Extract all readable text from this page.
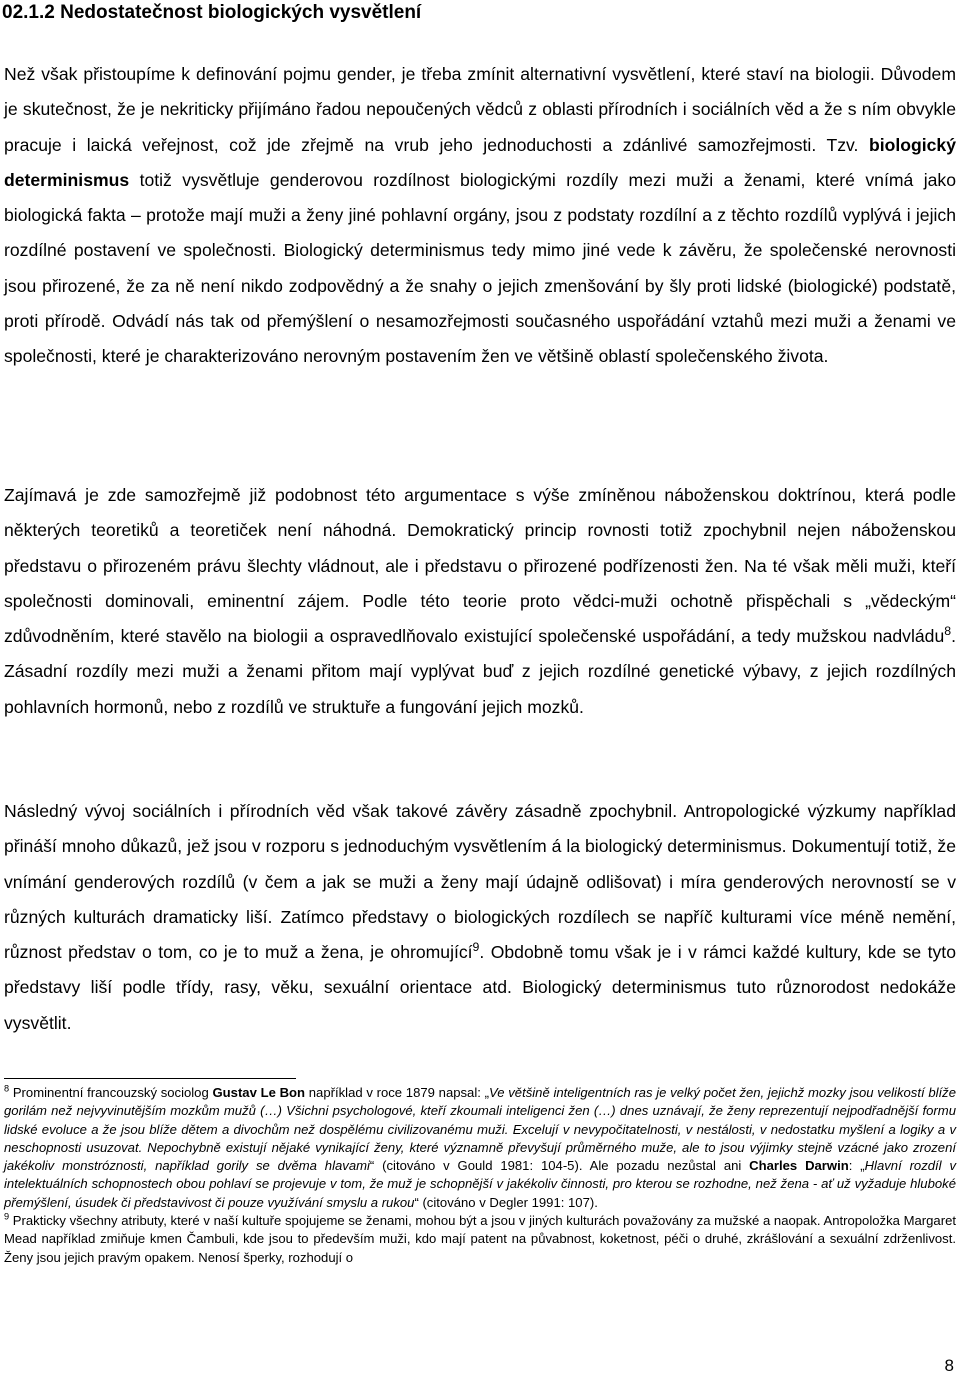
02.1.2 Nedostatečnost biologických vysvětlení

Než však přistoupíme k definování pojmu gender, je třeba zmínit alternativní vysvětlení, které staví na biologii. Důvodem je skutečnost, že je nekriticky přijímáno řadou nepoučených vědců z oblasti přírodních i sociálních věd a že s ním obvykle pracuje i laická veřejnost, což jde zřejmě na vrub jeho jednoduchosti a zdánlivé samozřejmosti. Tzv. biologický determinismus totiž vysvětluje genderovou rozdílnost biologickými rozdíly mezi muži a ženami, které vnímá jako biologická fakta – protože mají muži a ženy jiné pohlavní orgány, jsou z podstaty rozdílní a z těchto rozdílů vyplývá i jejich rozdílné postavení ve společnosti. Biologický determinismus tedy mimo jiné vede k závěru, že společenské nerovnosti jsou přirozené, že za ně není nikdo zodpovědný a že snahy o jejich zmenšování by šly proti lidské (biologické) podstatě, proti přírodě. Odvádí nás tak od přemýšlení o nesamozřejmosti současného uspořádání vztahů mezi muži a ženami ve společnosti, které je charakterizováno nerovným postavením žen ve většině oblastí společenského života.

Zajímavá je zde samozřejmě již podobnost této argumentace s výše zmíněnou náboženskou doktrínou, která podle některých teoretiků a teoretiček není náhodná. Demokratický princip rovnosti totiž zpochybnil nejen náboženskou představu o přirozeném právu šlechty vládnout, ale i představu o přirozené podřízenosti žen. Na té však měli muži, kteří společnosti dominovali, eminentní zájem. Podle této teorie proto vědci-muži ochotně přispěchali s „vědeckým“ zdůvodněním, které stavělo na biologii a ospravedlňovalo existující společenské uspořádání, a tedy mužskou nadvládu$^8$. Zásadní rozdíly mezi muži a ženami přitom mají vyplývat buď z jejich rozdílné genetické výbavy, z jejich rozdílných pohlavních hormonů, nebo z rozdílů ve struktuře a fungování jejich mozků.

Následný vývoj sociálních i přírodních věd však takové závěry zásadně zpochybnil. Antropologické výzkumy například přináší mnoho důkazů, jež jsou v rozporu s jednoduchým vysvětlením á la biologický determinismus. Dokumentují totiž, že vnímání genderových rozdílů (v čem a jak se muži a ženy mají údajně odlišovat) i míra genderových nerovností se v různých kulturách dramaticky liší. Zatímco představy o biologických rozdílech se napříč kulturami více méně nemění, různost představ o tom, co je to muž a žena, je ohromující$^9$. Obdobně tomu však je i v rámci každé kultury, kde se tyto představy liší podle třídy, rasy, věku, sexuální orientace atd. Biologický determinismus tuto různorodost nedokáže vysvětlit.

$^8$ Prominentní francouzský sociolog Gustav Le Bon například v roce 1879 napsal: „Ve většině inteligentních ras je velký počet žen, jejichž mozky jsou velikostí blíže gorilám než nejvyvinutějším mozkům mužů (…) Všichni psychologové, kteří zkoumali inteligenci žen (…) dnes uznávají, že ženy reprezentují nejpodřadnější formu lidské evoluce a že jsou blíže dětem a divochům než dospělému civilizovanému muži. Excelují v nevypočitatelnosti, v nestálosti, v nedostatku myšlení a logiky a v neschopnosti usuzovat. Nepochybně existují nějaké vynikající ženy, které významně převyšují průměrného muže, ale to jsou výjimky stejně vzácné jako zrození jakékoliv monstróznosti, například gorily se dvěma hlavami“ (citováno v Gould 1981: 104-5). Ale pozadu nezůstal ani Charles Darwin: „Hlavní rozdíl v intelektuálních schopnostech obou pohlaví se projevuje v tom, že muž je schopnější v jakékoliv činnosti, pro kterou se rozhodne, než žena - ať už vyžaduje hluboké přemýšlení, úsudek či představivost či pouze využívání smyslu a rukou“ (citováno v Degler 1991: 107).

$^9$ Prakticky všechny atributy, které v naší kultuře spojujeme se ženami, mohou být a jsou v jiných kulturách považovány za mužské a naopak. Antropoložka Margaret Mead například zmiňuje kmen Čambuli, kde jsou to především muži, kdo mají patent na půvabnost, koketnost, péči o druhé, zkrášlování a sexuální zdrženlivost. Ženy jsou jejich pravým opakem. Nenosí šperky, rozhodují o

8
